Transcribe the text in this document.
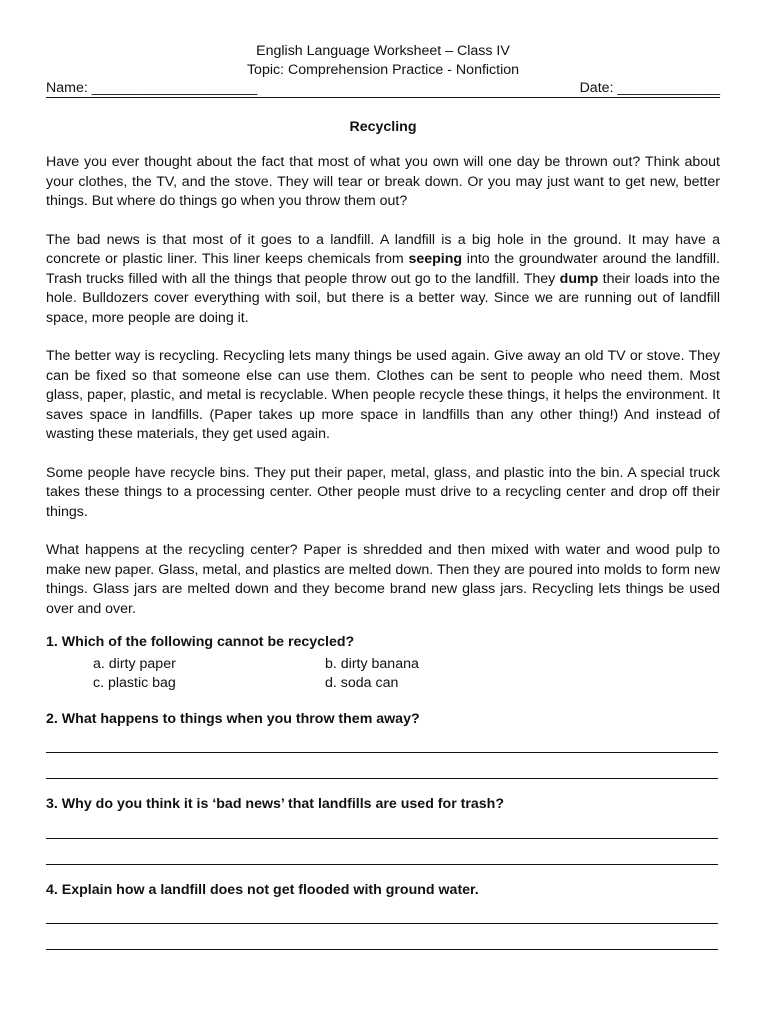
English Language Worksheet – Class IV
Topic: Comprehension Practice - Nonfiction
Name: _____________________	Date: _____________
Recycling

Have you ever thought about the fact that most of what you own will one day be thrown out? Think about your clothes, the TV, and the stove. They will tear or break down. Or you may just want to get new, better things. But where do things go when you throw them out?

The bad news is that most of it goes to a landfill. A landfill is a big hole in the ground. It may have a concrete or plastic liner. This liner keeps chemicals from seeping into the groundwater around the landfill. Trash trucks filled with all the things that people throw out go to the landfill. They dump their loads into the hole. Bulldozers cover everything with soil, but there is a better way. Since we are running out of landfill space, more people are doing it.

The better way is recycling. Recycling lets many things be used again. Give away an old TV or stove. They can be fixed so that someone else can use them. Clothes can be sent to people who need them. Most glass, paper, plastic, and metal is recyclable. When people recycle these things, it helps the environment. It saves space in landfills. (Paper takes up more space in landfills than any other thing!) And instead of wasting these materials, they get used again.

Some people have recycle bins. They put their paper, metal, glass, and plastic into the bin. A special truck takes these things to a processing center. Other people must drive to a recycling center and drop off their things.

What happens at the recycling center? Paper is shredded and then mixed with water and wood pulp to make new paper. Glass, metal, and plastics are melted down. Then they are poured into molds to form new things. Glass jars are melted down and they become brand new glass jars. Recycling lets things be used over and over.

1. Which of the following cannot be recycled?

a. dirty paper	b. dirty banana
c. plastic bag	d. soda can

2. What happens to things when you throw them away?

3. Why do you think it is ‘bad news’ that landfills are used for trash?

4. Explain how a landfill does not get flooded with ground water.
